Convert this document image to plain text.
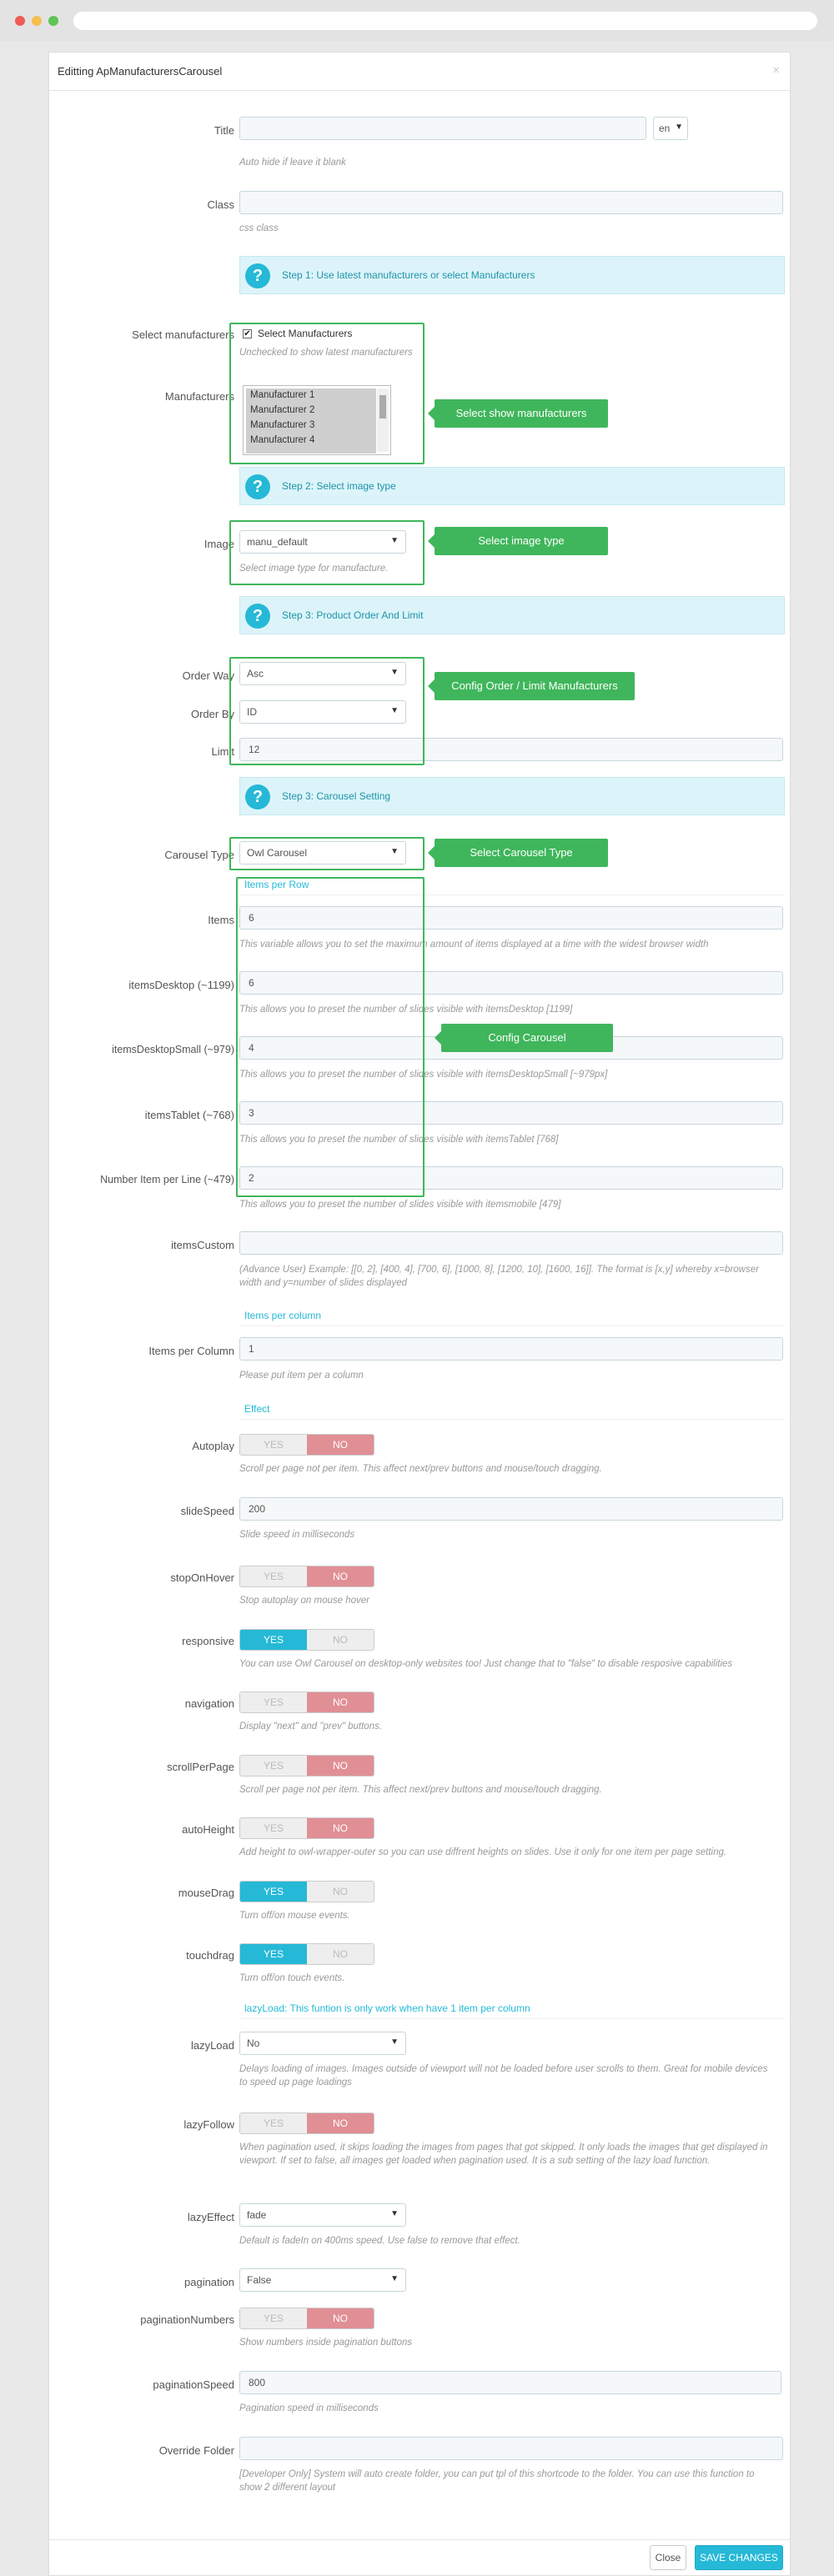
Editting ApManufacturersCarousel	×
Title	en ▼
Auto hide if leave it blank
Class
css class
?	Step 1: Use latest manufacturers or select Manufacturers
Select manufacturers ✔ Select Manufacturers
Unchecked to show latest manufacturers
Manufacturers Manufacturer 1
Manufacturer 2
Manufacturer 3
Manufacturer 4
?	Step 2: Select image type
Image	manu_default	▼
Select image type for manufacture.
?	Step 3: Product Order And Limit
Order Way	Asc	▼
Order By	ID	▼
Limit	12
?	Step 3: Carousel Setting
Carousel Type	Owl Carousel	▼
Items per Row
Items	6
This variable allows you to set the maximum amount of items displayed at a time with the widest browser width
itemsDesktop (~1199)	6
This allows you to preset the number of slides visible with itemsDesktop [1199]
itemsDesktopSmall (~979)	4
This allows you to preset the number of slides visible with itemsDesktopSmall [~979px]
itemsTablet (~768)	3
This allows you to preset the number of slides visible with itemsTablet [768]
Number Item per Line (~479)	2
This allows you to preset the number of slides visible with itemsmobile [479]
itemsCustom
(Advance User) Example: [[0, 2], [400, 4], [700, 6], [1000, 8], [1200, 10], [1600, 16]]. The format is [x,y] whereby x=browser width and y=number of slides displayed
Items per column
Items per Column	1
Please put item per a column
Effect
Autoplay	YES	NO
Scroll per page not per item. This affect next/prev buttons and mouse/touch dragging.
slideSpeed	200
Slide speed in milliseconds
stopOnHover	YES	NO
Stop autoplay on mouse hover
responsive	YES	NO
You can use Owl Carousel on desktop-only websites too! Just change that to "false" to disable resposive capabilities
navigation	YES	NO
Display "next" and "prev" buttons.
scrollPerPage	YES	NO
Scroll per page not per item. This affect next/prev buttons and mouse/touch dragging.
autoHeight	YES	NO
Add height to owl-wrapper-outer so you can use diffrent heights on slides. Use it only for one item per page setting.
mouseDrag	YES	NO
Turn off/on mouse events.
touchdrag	YES	NO
Turn off/on touch events.
lazyLoad: This funtion is only work when have 1 item per column
lazyLoad	No	▼
Delays loading of images. Images outside of viewport will not be loaded before user scrolls to them. Great for mobile devices to speed up page loadings
lazyFollow	YES	NO
When pagination used, it skips loading the images from pages that got skipped. It only loads the images that get displayed in viewport. If set to false, all images get loaded when pagination used. It is a sub setting of the lazy load function.
lazyEffect	fade	▼
Default is fadeIn on 400ms speed. Use false to remove that effect.
pagination	False	▼
paginationNumbers	YES	NO
Show numbers inside pagination buttons
paginationSpeed	800
Pagination speed in milliseconds
Override Folder
[Developer Only] System will auto create folder, you can put tpl of this shortcode to the folder. You can use this function to show 2 different layout
Close	SAVE CHANGES
Select show manufacturers
Select image type
Config Order / Limit Manufacturers
Select Carousel Type
Config Carousel
